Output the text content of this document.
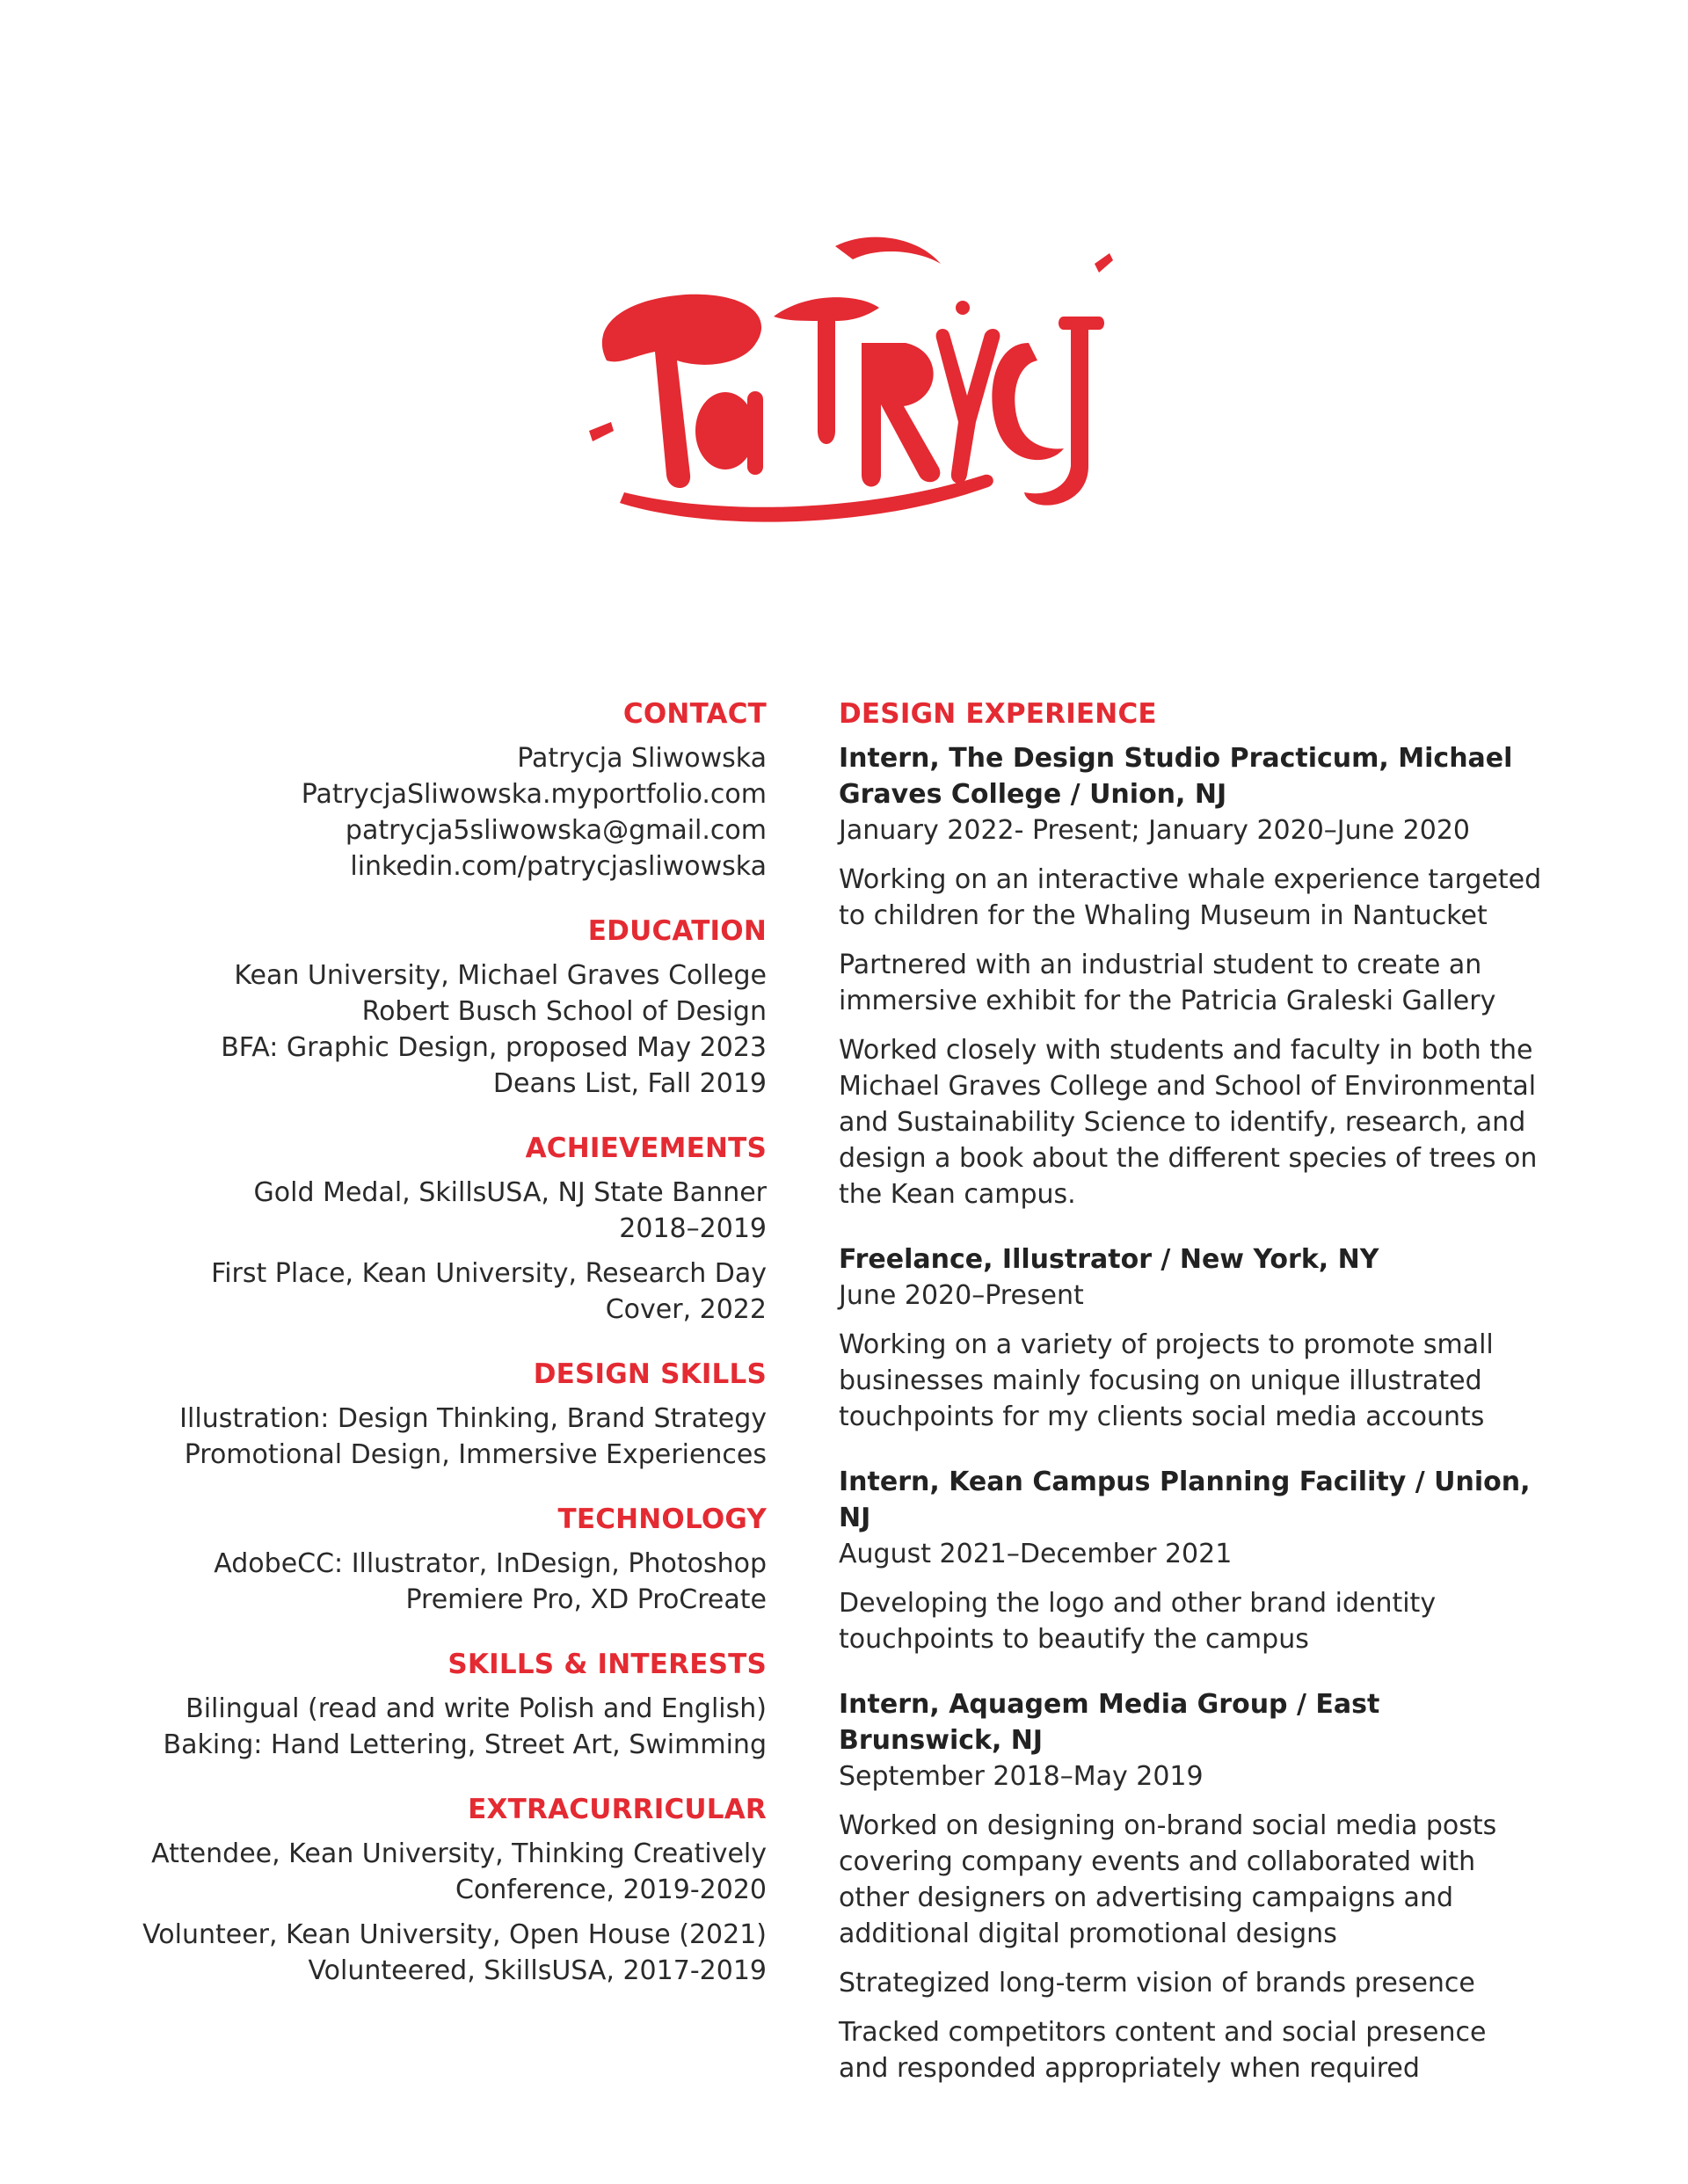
CONTACT
Patrycja Sliwowska
PatrycjaSliwowska.myportfolio.com
patrycja5sliwowska@gmail.com
linkedin.com/patrycjasliwowska
EDUCATION
Kean University, Michael Graves College
Robert Busch School of Design
BFA: Graphic Design, proposed May 2023
Deans List, Fall 2019
ACHIEVEMENTS
Gold Medal, SkillsUSA, NJ State Banner
2018–2019
First Place, Kean University, Research Day
Cover, 2022
DESIGN SKILLS
Illustration: Design Thinking, Brand Strategy
Promotional Design, Immersive Experiences
TECHNOLOGY
AdobeCC: Illustrator, InDesign, Photoshop
Premiere Pro, XD ProCreate
SKILLS & INTERESTS
Bilingual (read and write Polish and English)
Baking: Hand Lettering, Street Art, Swimming
EXTRACURRICULAR
Attendee, Kean University, Thinking Creatively
Conference, 2019-2020
Volunteer, Kean University, Open House (2021)
Volunteered, SkillsUSA, 2017-2019
DESIGN EXPERIENCE
Intern, The Design Studio Practicum, Michael
Graves College / Union, NJ
January 2022- Present; January 2020–June 2020
Working on an interactive whale experience targeted
to children for the Whaling Museum in Nantucket
Partnered with an industrial student to create an
immersive exhibit for the Patricia Graleski Gallery
Worked closely with students and faculty in both the
Michael Graves College and School of Environmental
and Sustainability Science to identify, research, and
design a book about the different species of trees on
the Kean campus.
Freelance, Illustrator / New York, NY
June 2020–Present
Working on a variety of projects to promote small
businesses mainly focusing on unique illustrated
touchpoints for my clients social media accounts
Intern, Kean Campus Planning Facility / Union, NJ
August 2021–December 2021
Developing the logo and other brand identity
touchpoints to beautify the campus
Intern, Aquagem Media Group / East Brunswick, NJ
September 2018–May 2019
Worked on designing on-brand social media posts
covering company events and collaborated with
other designers on advertising campaigns and
additional digital promotional designs
Strategized long-term vision of brands presence
Tracked competitors content and social presence
and responded appropriately when required
